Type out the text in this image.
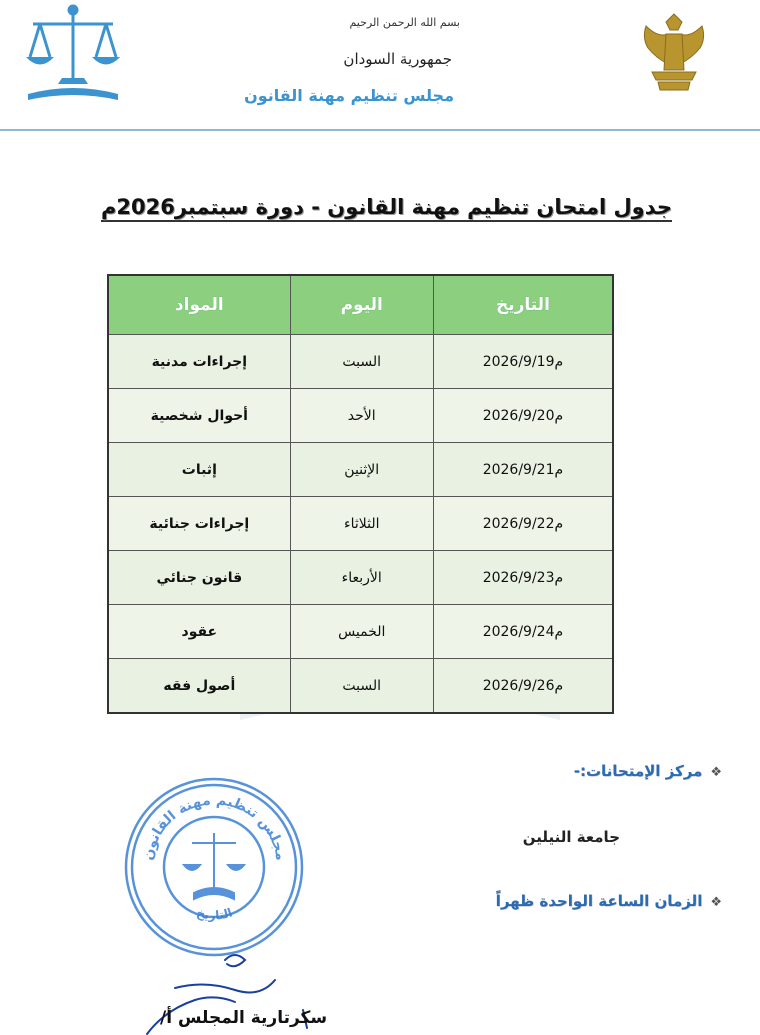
بسم الله الرحمن الرحيم
جمهورية السودان
مجلس تنظيم مهنة القانون
جدول امتحان تنظيم مهنة القانون - دورة سبتمبر2026م
التاريخ	اليوم	المواد
2026/9/19م	السبت	إجراءات مدنية
2026/9/20م	الأحد	أحوال شخصية
2026/9/21م	الإثنين	إثبات
2026/9/22م	الثلاثاء	إجراءات جنائية
2026/9/23م	الأربعاء	قانون جنائي
2026/9/24م	الخميس	عقود
2026/9/26م	السبت	أصول فقه
❖مركز الإمتحانات:-
جامعة النيلين
❖الزمان الساعة الواحدة ظهراً
مجلس تنظيم مهنة القانون
التاريخ
سكرتارية المجلس أ/
